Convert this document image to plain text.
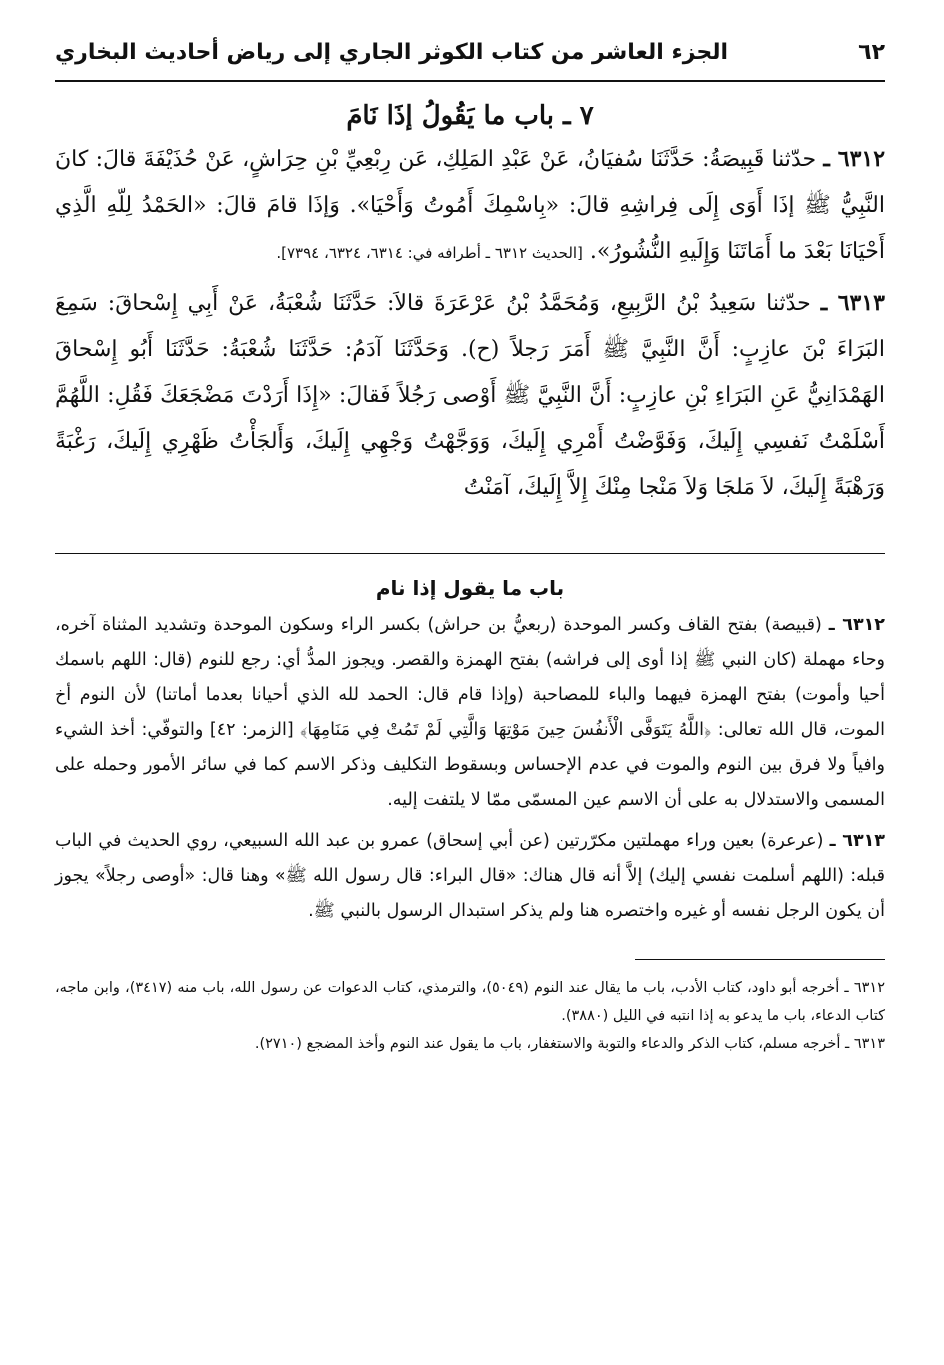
٦٢
الجزء العاشر من كتاب الكوثر الجاري إلى رياض أحاديث البخاري
٧ ـ باب ما يَقُولُ إذَا نَامَ

٦٣١٢ ـ حدّثنا قَبِيصَةُ: حَدَّثَنَا سُفيَانُ، عَنْ عَبْدِ المَلِكِ، عَن رِبْعِيِّ بْنِ حِرَاشٍ، عَنْ حُذَيْفَةَ قالَ: كانَ النَّبِيُّ ﷺ إذَا أَوَى إِلَى فِراشِهِ قالَ: «بِاسْمِكَ أَمُوتُ وَأَحْيَا». وَإذَا قامَ قالَ: «الحَمْدُ لِلّهِ الَّذِي أَحْيَانَا بَعْدَ ما أَمَاتَنَا وَإِلَيهِ النُّشُورُ». [الحديث ٦٣١٢ ـ أطرافه في: ٦٣١٤، ٦٣٢٤، ٧٣٩٤].

٦٣١٣ ـ حدّثنا سَعِيدُ بْنُ الرَّبِيعِ، وَمُحَمَّدُ بْنُ عَرْعَرَةَ قالاَ: حَدَّثَنَا شُعْبَةُ، عَنْ أَبِي إِسْحاقَ: سَمِعَ البَرَاءَ بْنَ عازِبٍ: أَنَّ النَّبِيَّ ﷺ أَمَرَ رَجلاً (ح). وَحَدَّثَنَا آدَمُ: حَدَّثَنَا شُعْبَةُ: حَدَّثَنَا أَبُو إِسْحاقَ الهَمْدَانِيُّ عَنِ البَرَاءِ بْنِ عازِبٍ: أَنَّ النَّبِيَّ ﷺ أَوْصى رَجُلاً فَقالَ: «إِذَا أَرَدْتَ مَضْجَعَكَ فَقُلِ: اللَّهُمَّ أَسْلَمْتُ نَفسِي إِلَيكَ، وَفَوَّضْتُ أَمْرِي إِلَيكَ، وَوَجَّهْتُ وَجْهِي إِلَيكَ، وَأَلجَأْتُ ظَهْرِي إِلَيكَ، رَغْبَةً وَرَهْبَةً إِلَيكَ، لاَ مَلجَا وَلاَ مَنْجا مِنْكَ إِلاَّ إِلَيكَ، آمَنْتُ

باب ما يقول إذا نام

٦٣١٢ ـ (قبيصة) بفتح القاف وكسر الموحدة (ربعيُّ بن حراش) بكسر الراء وسكون الموحدة وتشديد المثناة آخره، وحاء مهملة (كان النبي ﷺ إذا أوى إلى فراشه) بفتح الهمزة والقصر. ويجوز المدُّ أي: رجع للنوم (قال: اللهم باسمك أحيا وأموت) بفتح الهمزة فيهما والباء للمصاحبة (وإذا قام قال: الحمد لله الذي أحيانا بعدما أماتنا) لأن النوم أخ الموت، قال الله تعالى: ﴿اللَّهُ يَتَوَفَّى الْأَنفُسَ حِينَ مَوْتِهَا وَالَّتِي لَمْ تَمُتْ فِي مَنَامِهَا﴾ [الزمر: ٤٢] والتوفّي: أخذ الشيء وافياً ولا فرق بين النوم والموت في عدم الإحساس وبسقوط التكليف وذكر الاسم كما في سائر الأمور وحمله على المسمى والاستدلال به على أن الاسم عين المسمّى ممّا لا يلتفت إليه.

٦٣١٣ ـ (عرعرة) بعين وراء مهملتين مكرّرتين (عن أبي إسحاق) عمرو بن عبد الله السبيعي، روي الحديث في الباب قبله: (اللهم أسلمت نفسي إليك) إلاَّ أنه قال هناك: «قال البراء: قال رسول الله ﷺ» وهنا قال: «أوصى رجلاً» يجوز أن يكون الرجل نفسه أو غيره واختصره هنا ولم يذكر استبدال الرسول بالنبي ﷺ.

٦٣١٢ ـ أخرجه أبو داود، كتاب الأدب، باب ما يقال عند النوم (٥٠٤٩)، والترمذي، كتاب الدعوات عن رسول الله، باب منه (٣٤١٧)، وابن ماجه، كتاب الدعاء، باب ما يدعو به إذا انتبه في الليل (٣٨٨٠).

٦٣١٣ ـ أخرجه مسلم، كتاب الذكر والدعاء والتوبة والاستغفار، باب ما يقول عند النوم وأخذ المضجع (٢٧١٠).
